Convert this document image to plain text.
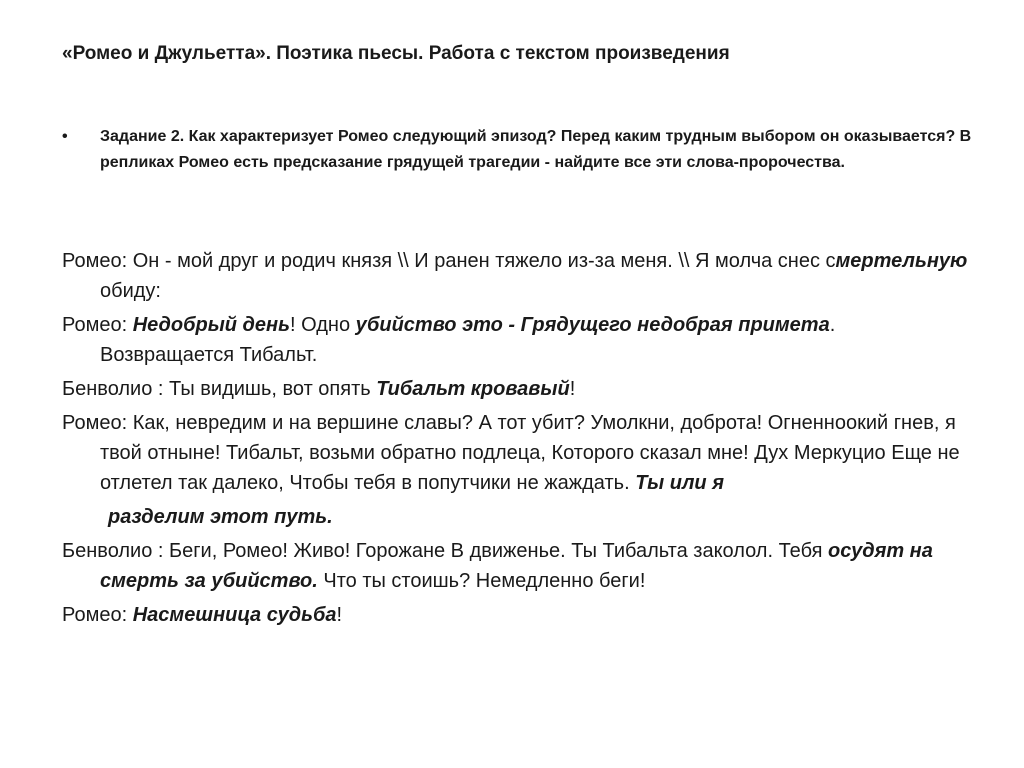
«Ромео и Джульетта». Поэтика пьесы. Работа с текстом произведения
•	Задание 2. Как характеризует Ромео следующий эпизод? Перед каким трудным выбором он оказывается? В репликах Ромео есть предсказание грядущей трагедии - найдите все эти слова-пророчества.
Ромео: Он - мой друг и родич князя \\ И ранен тяжело из-за меня. \\ Я молча снес смертельную обиду:
Ромео: Недобрый день! Одно убийство это - Грядущего недобрая примета. Возвращается Тибальт.
Бенволио : Ты видишь, вот опять Тибальт кровавый!
Ромео: Как, невредим и на вершине славы? А тот убит? Умолкни, доброта! Огненноокий гнев, я твой отныне! Тибальт, возьми обратно подлеца, Которого сказал мне! Дух Меркуцио Еще не отлетел так далеко, Чтобы тебя в попутчики не жаждать. Ты или я
разделим этот путь.
Бенволио : Беги, Ромео! Живо! Горожане В движенье. Ты Тибальта заколол. Тебя осудят на смерть за убийство. Что ты стоишь? Немедленно беги!
Ромео: Насмешница судьба!
